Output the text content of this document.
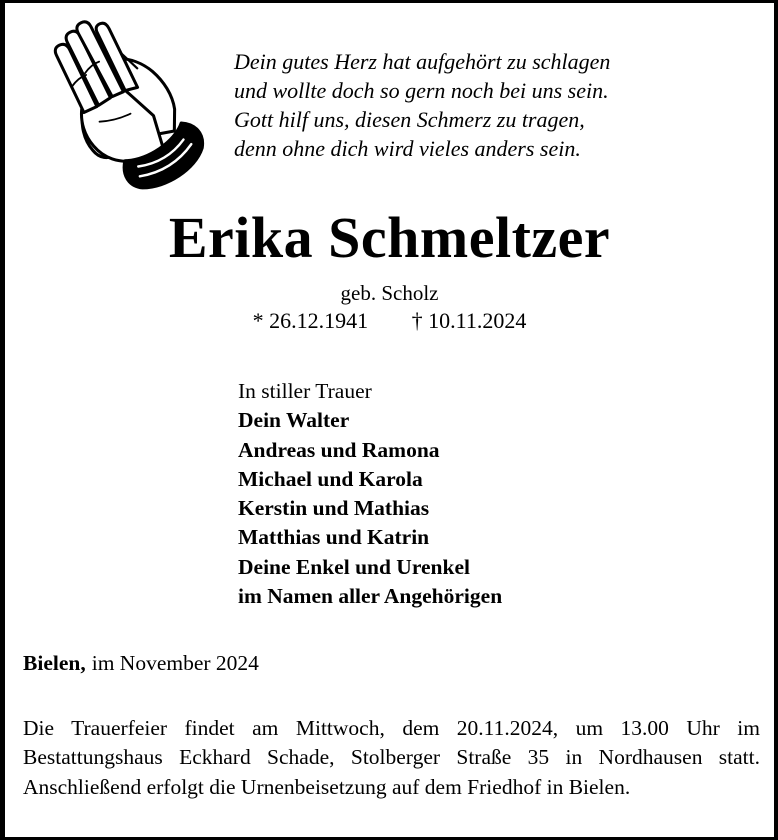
Dein gutes Herz hat aufgehört zu schlagen
und wollte doch so gern noch bei uns sein.
Gott hilf uns, diesen Schmerz zu tragen,
denn ohne dich wird vieles anders sein.
Erika Schmeltzer
geb. Scholz
* 26.12.1941 † 10.11.2024
In stiller Trauer
Dein Walter
Andreas und Ramona
Michael und Karola
Kerstin und Mathias
Matthias und Katrin
Deine Enkel und Urenkel
im Namen aller Angehörigen
Bielen, im November 2024
Die Trauerfeier findet am Mittwoch, dem 20.11.2024, um 13.00 Uhr im
Bestattungshaus Eckhard Schade, Stolberger Straße 35 in Nordhausen statt.
Anschließend erfolgt die Urnenbeisetzung auf dem Friedhof in Bielen.
